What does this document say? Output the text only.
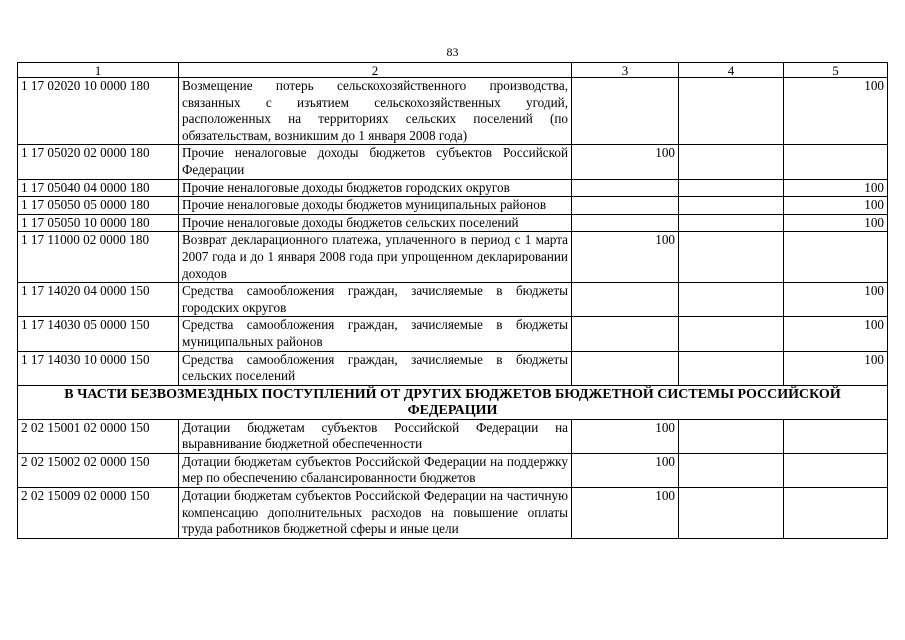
83
1	2	3	4	5
1 17 02020 10 0000 180	Возмещение потерь сельскохозяйственного производства, связанных с изъятием сельскохозяйственных угодий, расположенных на территориях сельских поселений (по обязательствам, возникшим до 1 января 2008 года)			100
1 17 05020 02 0000 180	Прочие неналоговые доходы бюджетов субъектов Российской Федерации	100		
1 17 05040 04 0000 180	Прочие неналоговые доходы бюджетов городских округов			100
1 17 05050 05 0000 180	Прочие неналоговые доходы бюджетов муниципальных районов			100
1 17 05050 10 0000 180	Прочие неналоговые доходы бюджетов сельских поселений			100
1 17 11000 02 0000 180	Возврат декларационного платежа, уплаченного в период с 1 марта 2007 года и до 1 января 2008 года при упрощенном декларировании доходов	100		
1 17 14020 04 0000 150	Средства самообложения граждан, зачисляемые в бюджеты городских округов			100
1 17 14030 05 0000 150	Средства самообложения граждан, зачисляемые в бюджеты муниципальных районов			100
1 17 14030 10 0000 150	Средства самообложения граждан, зачисляемые в бюджеты сельских поселений			100
В ЧАСТИ БЕЗВОЗМЕЗДНЫХ ПОСТУПЛЕНИЙ ОТ ДРУГИХ БЮДЖЕТОВ БЮДЖЕТНОЙ СИСТЕМЫ РОССИЙСКОЙ ФЕДЕРАЦИИ				
2 02 15001 02 0000 150	Дотации бюджетам субъектов Российской Федерации на выравнивание бюджетной обеспеченности	100		
2 02 15002 02 0000 150	Дотации бюджетам субъектов Российской Федерации на поддержку мер по обеспечению сбалансированности бюджетов	100		
2 02 15009 02 0000 150	Дотации бюджетам субъектов Российской Федерации на частичную компенсацию дополнительных расходов на повышение оплаты труда работников бюджетной сферы и иные цели	100		
